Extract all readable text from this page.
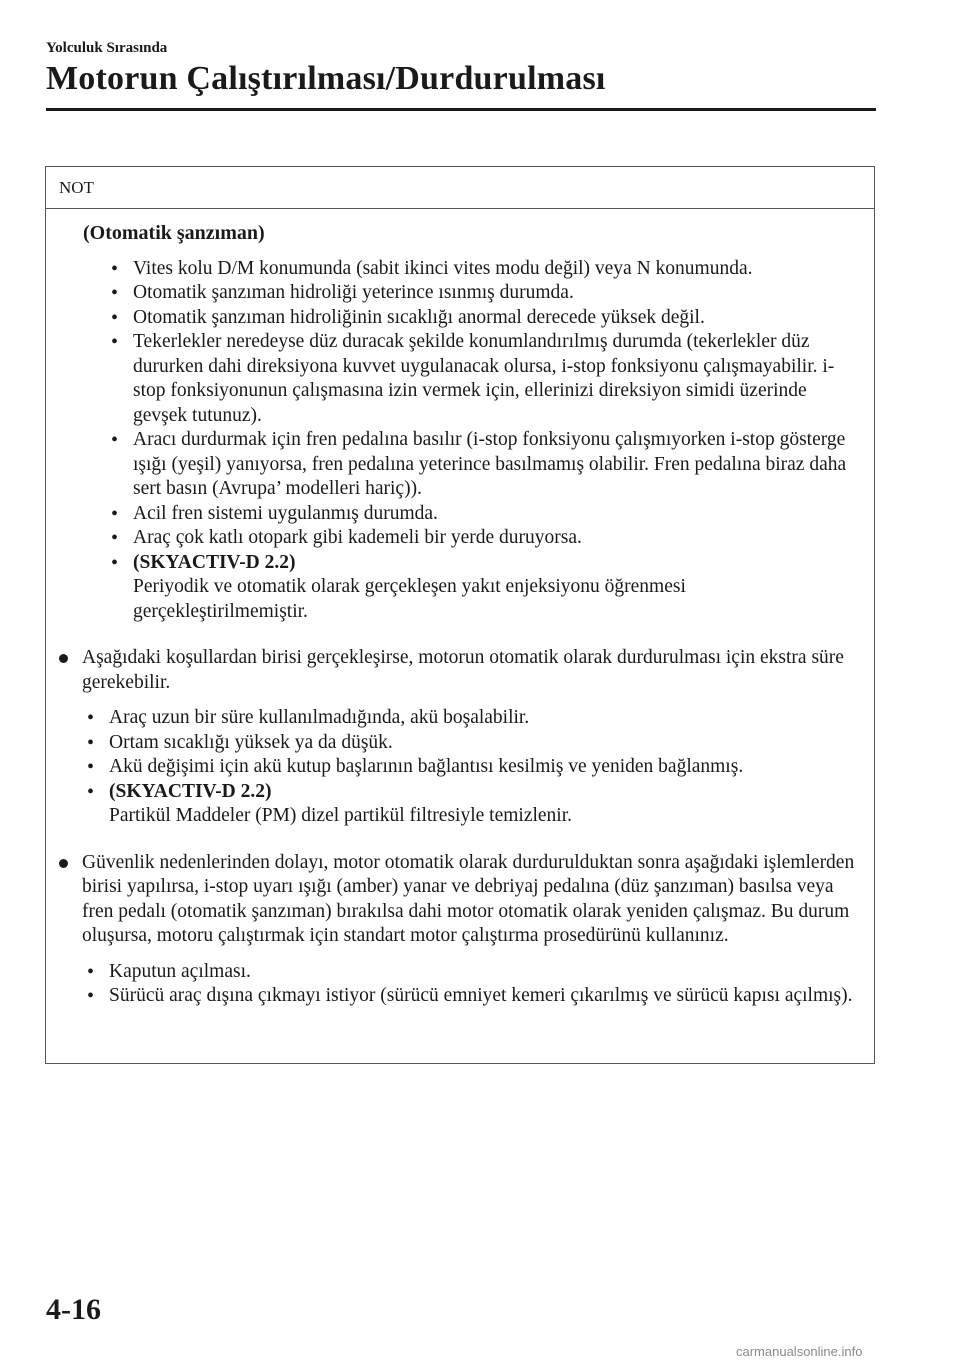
Yolculuk Sırasında
Motorun Çalıştırılması/Durdurulması
NOT
(Otomatik şanzıman)
• Vites kolu D/M konumunda (sabit ikinci vites modu değil) veya N konumunda.
• Otomatik şanzıman hidroliği yeterince ısınmış durumda.
• Otomatik şanzıman hidroliğinin sıcaklığı anormal derecede yüksek değil.
• Tekerlekler neredeyse düz duracak şekilde konumlandırılmış durumda (tekerlekler düz dururken dahi direksiyona kuvvet uygulanacak olursa, i-stop fonksiyonu çalışmayabilir. i-stop fonksiyonunun çalışmasına izin vermek için, ellerinizi direksiyon simidi üzerinde gevşek tutunuz).
• Aracı durdurmak için fren pedalına basılır (i-stop fonksiyonu çalışmıyorken i-stop gösterge ışığı (yeşil) yanıyorsa, fren pedalına yeterince basılmamış olabilir. Fren pedalına biraz daha sert basın (Avrupa’ modelleri hariç)).
• Acil fren sistemi uygulanmış durumda.
• Araç çok katlı otopark gibi kademeli bir yerde duruyorsa.
• (SKYACTIV-D 2.2)
Periyodik ve otomatik olarak gerçekleşen yakıt enjeksiyonu öğrenmesi gerçekleştirilmemiştir.
Aşağıdaki koşullardan birisi gerçekleşirse, motorun otomatik olarak durdurulması için ekstra süre gerekebilir.
• Araç uzun bir süre kullanılmadığında, akü boşalabilir.
• Ortam sıcaklığı yüksek ya da düşük.
• Akü değişimi için akü kutup başlarının bağlantısı kesilmiş ve yeniden bağlanmış.
• (SKYACTIV-D 2.2)
Partikül Maddeler (PM) dizel partikül filtresiyle temizlenir.
Güvenlik nedenlerinden dolayı, motor otomatik olarak durdurulduktan sonra aşağıdaki işlemlerden birisi yapılırsa, i-stop uyarı ışığı (amber) yanar ve debriyaj pedalına (düz şanzıman) basılsa veya fren pedalı (otomatik şanzıman) bırakılsa dahi motor otomatik olarak yeniden çalışmaz. Bu durum oluşursa, motoru çalıştırmak için standart motor çalıştırma prosedürünü kullanınız.
• Kaputun açılması.
• Sürücü araç dışına çıkmayı istiyor (sürücü emniyet kemeri çıkarılmış ve sürücü kapısı açılmış).
4-16
carmanualsonline.info
